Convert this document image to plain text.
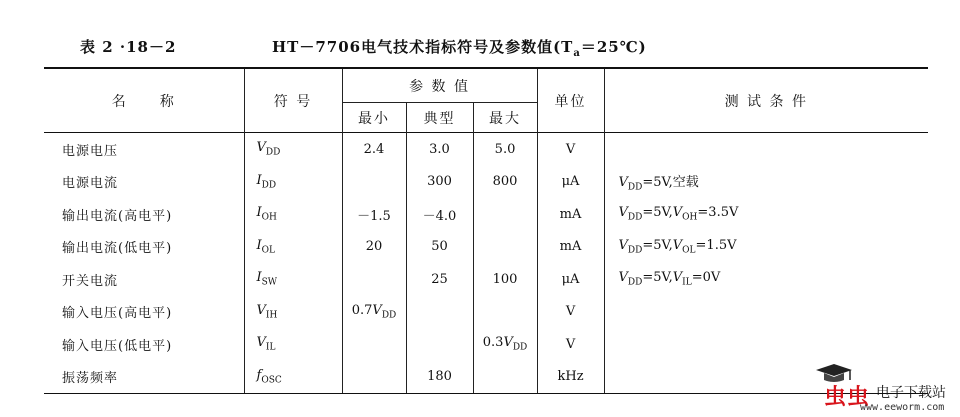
表 2 ·18－2	HT－7706电气技术指标符号及参数值$(T_a=25℃)$
名　　称	符 号	参 数 值			单位	测 试 条 件
		最小	典型	最大		
电源电压	$V_{DD}$	2.4	3.0	5.0	V	
电源电流	$I_{DD}$		300	800	μA	$V_{DD}=5V$,空载
输出电流(高电平)	$I_{OH}$	－1.5	－4.0		mA	$V_{DD}=5V,V_{OH}=3.5V$
输出电流(低电平)	$I_{OL}$	20	50		mA	$V_{DD}=5V,V_{OL}=1.5V$
开关电流	$I_{SW}$		25	100	μA	$V_{DD}=5V,V_{IL}=0V$
输入电压(高电平)	$V_{IH}$	$0.7V_{DD}$			V	
输入电压(低电平)	$V_{IL}$			$0.3V_{DD}$	V	
振荡频率	$f_{OSC}$		180		kHz	
虫虫 电子下载站
www.eeworm.com
